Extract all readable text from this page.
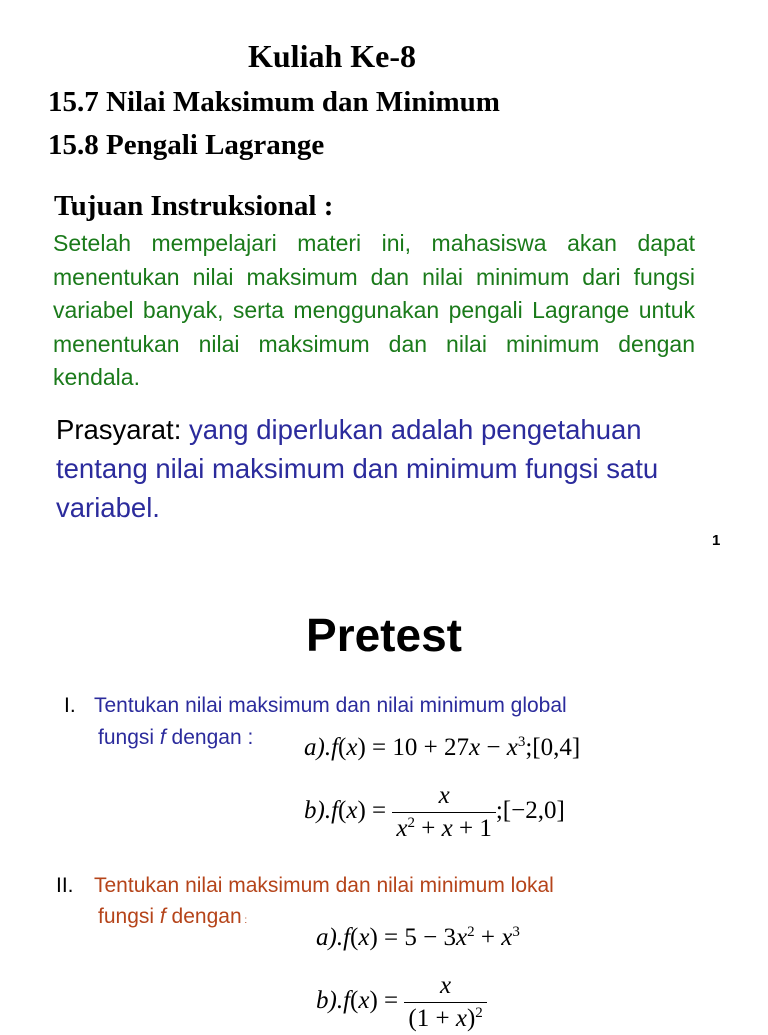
Kuliah Ke-8
15.7 Nilai Maksimum dan Minimum
15.8 Pengali Lagrange
Tujuan Instruksional :
Setelah mempelajari materi ini, mahasiswa akan dapat menentukan nilai maksimum dan nilai minimum dari fungsi variabel banyak, serta menggunakan pengali Lagrange untuk menentukan nilai maksimum dan nilai minimum dengan kendala.
Prasyarat: yang diperlukan adalah pengetahuan tentang nilai maksimum dan minimum fungsi satu variabel.
1
Pretest
I. Tentukan nilai maksimum dan nilai minimum global
fungsi f dengan : $a).f(x) = 10 + 27x - x^3;[0,4]$
$b).f(x) = \frac{x}{x^2 + x + 1}$ ;[−2,0]
II. Tentukan nilai maksimum dan nilai minimum lokal
fungsi f dengan :
$a).f(x) = 5 - 3x^2 + x^3$
$b).f(x) = \frac{x}{(1 + x)^2}$
